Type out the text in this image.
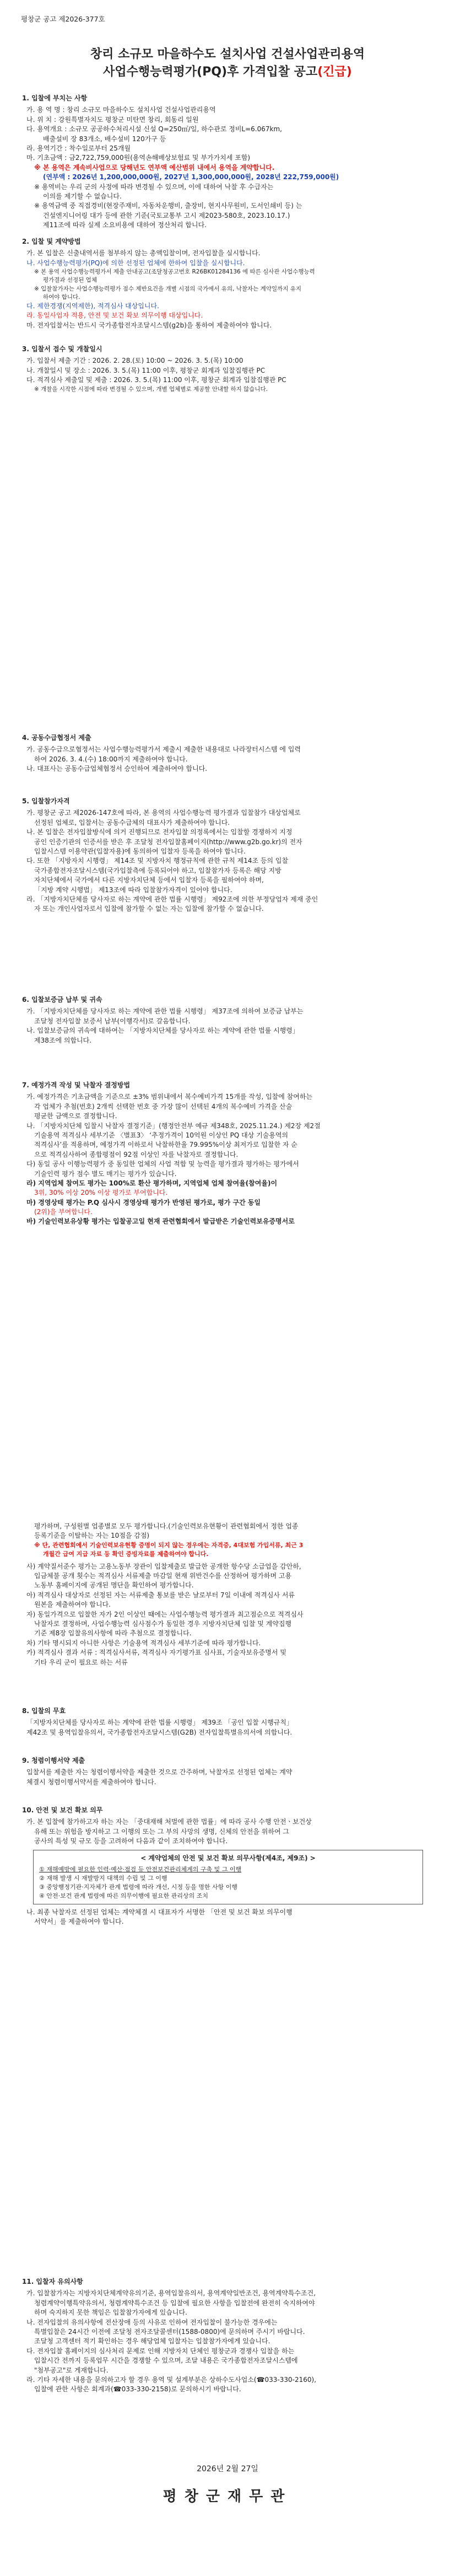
평창군 공고 제2026-377호
창리 소규모 마을하수도 설치사업 건설사업관리용역
사업수행능력평가(PQ)후 가격입찰 공고(긴급)
1. 입찰에 부치는 사항
가. 용 역 명 : 창리 소규모 마을하수도 설치사업 건설사업관리용역
나. 위 치 : 강원특별자치도 평창군 미탄면 창리, 회동리 일원
다. 용역개요 : 소규모 공공하수처리시설 신설 Q=250㎥/일, 하수관로 정비L=6.067km,
배출설비 장 83개소, 배수설비 120가구 등
라. 용역기간 : 착수일로부터 25개월
마. 기초금액 : 금2,722,759,000원(용역손해배상보험료 및 부가가치세 포함)
※ 본 용역은 계속비사업으로 당해년도 연부액 예산범위 내에서 용역을 계약합니다.
(연부액 : 2026년 1,200,000,000원, 2027년 1,300,000,000원, 2028년 222,759,000원)
※ 용역비는 우리 군의 사정에 따라 변경될 수 있으며, 이에 대하여 낙찰 후 수급자는
이의를 제기할 수 없습니다.
※ 용역금액 중 직접경비(현장주재비, 자동차운행비, 출장비, 현지사무원비, 도서인쇄비 등) 는
건설엔지니어링 대가 등에 관한 기준(국토교통부 고시 제2023-580호, 2023.10.17.)
제11조에 따라 실제 소요비용에 대하여 정산처리 합니다.
2. 입찰 및 계약방법
가. 본 입찰은 신출내역서를 첨부하지 않는 총액입찰이며, 전자입찰을 실시합니다.
나. 사업수행능력평가(PQ)에 의한 선정된 업체에 한하여 입찰을 실시합니다.
※ 본 용역 사업수행능력평가서 제출 안내공고(조달청공고번호 R26BK01284136 에 따른 심사관 사업수행능력
평가결과 선정된 업체
※ 입찰참가자는 사업수행능력평가 점수 제반요건을 개별 시점의 국가에서 유의, 낙찰자는 계약일까지 유지
하여야 합니다.
다. 제한경쟁(지역제한), 적격심사 대상입니다.
라. 동일사업자 적용, 안전 및 보건 확보 의무이행 대상입니다.
마. 전자입찰서는 반드시 국가종합전자조달시스템(g2b)을 통하여 제출하여야 합니다.
3. 입찰서 접수 및 개찰일시
가. 입찰서 제출 기간 : 2026. 2. 28.(토) 10:00 ~ 2026. 3. 5.(목) 10:00
나. 개찰일시 및 장소 : 2026. 3. 5.(목) 11:00 이후, 평창군 회계과 입찰집행관 PC
다. 적격심사 제출일 및 제출 : 2026. 3. 5.(목) 11:00 이후, 평창군 회계과 입찰집행관 PC
※ 개찰을 시작한 시점에 따라 변경될 수 있으며, 개별 업체별로 제공할 안내할 하지 않습니다.
4. 공동수급협정서 제출
가. 공동수급으로협정서는 사업수행능력평가서 제출시 제출한 내용대로 나라장터시스템 에 입력
하여 2026. 3. 4.(수) 18:00까지 제출하여야 합니다.
나. 대표사는 공동수급업체협정서 승인하여 제출하여야 합니다.
5. 입찰참가자격
가. 평창군 공고 제2026-147호에 따라, 본 용역의 사업수행능력 평가결과 입찰참가 대상업체로
선정된 업체로, 입찰서는 공동수급체의 대표사가 제출하여야 합니다.
나. 본 입찰은 전자입찰방식에 의거 진행되므로 전자입찰 의정록에서는 입찰할 경쟁하지 지정
공인 인증기관의 인증서를 받은 후 조달청 전자입찰홈페이지(http://www.g2b.go.kr)의 전자
입찰시스템 이용약관(입찰자용)에 동의하여 입찰자 등록을 하여야 합니다.
다. 또한 「지방자치 시행령」 제14조 및 지방자치 행정규칙에 관한 규칙 제14조 등의 입찰
국가종합전자조달시스템(국가입찰측에 등록되어야 하고, 입찰참가자 등록은 해당 지방
자치단체에서 국가에서 다른 지방자치단체 등에서 입찰자 등록을 필하여야 하며,
「지방 계약 시행법」 제13조에 따라 입찰참가자격이 있어야 합니다.
라. 「지방자치단체를 당사자로 하는 계약에 관한 법률 시행령」 제92조에 의한 부정당업자 제재 중인
자 또는 개인사업자로서 입찰에 참가할 수 없는 자는 입찰에 참가할 수 없습니다.
6. 입찰보증금 납부 및 귀속
가. 「지방자치단체를 당사자로 하는 계약에 관한 법률 시행령」 제37조에 의하여 보증금 납부는
조달청 전자입찰 보증서 납부(이행각서)로 갈음합니다.
나. 입찰보증금의 귀속에 대하여는 「지방자치단체를 당사자로 하는 계약에 관한 법률 시행령」
제38조에 의합니다.
7. 예정가격 작성 및 낙찰자 결정방법
가. 예정가격은 기초금액을 기준으로 ±3% 범위내에서 복수예비가격 15개를 작성, 입찰에 참여하는
각 업체가 추첨(번호) 2개씩 선택한 번호 중 가장 많이 선택된 4개의 복수예비 가격을 산술
평균한 금액으로 결정합니다.
나. 「지방자치단체 입찰시 낙찰자 결정기준」(행정안전부 예규 제348호, 2025.11.24.) 제2장 제2절
기술용역 적격심사 세부기준 〈별표3〉 ‘추정가격이 10억원 이상인 PQ 대상 기술용역의
적격심사’를 적용하며, 예정가격 이하로서 낙찰하한율 79.995%이상 최저가로 입찰한 자 순
으로 적격심사하여 종합평점이 92점 이상인 자를 낙찰자로 결정합니다.
다) 동일 공사 이행능력평가 중 동일한 업체의 사업 적합 및 능력을 평가결과 평가하는 평가에서
기술인력 평가 점수 별도 매기는 평가가 있습니다.
라) 지역업체 참여도 평가는 100%로 환산 평가하며, 지역업체 업체 참여율(참여율)이
3위, 30% 이상 20% 이상 평가로 부여합니다.
마) 경영상태 평가는 P.Q 심사시 경영상태 평가가 반영된 평가로, 평가 구간 동일
(2위)을 부여합니다.
바) 기술인력보유상황 평가는 입찰공고일 현재 관련협회에서 발급받은 기술인력보유증명서로
평가하며, 구성원별 업종별로 모두 평가합니다.(기술인력보유현황이 관련협회에서 정한 업종
등록기준을 이탈하는 자는 10점을 감점)
※ 단, 관련협회에서 기술인력보유현황 증명이 되지 않는 경우에는 자격증, 4대보험 가입서류, 최근 3
개월간 급여 지급 자료 등 확인 증빙자료를 제출하여야 합니다.
사) 계약질서준수 평가는 고용노동부 장관이 입찰제출로 발급한 공개한 항수당 소급업을 감안하,
입금체불 공개 횟수는 적격심사 서류제출 마감일 현재 위반건수를 산정하여 평가하며 고용
노동부 홈페이지에 공개된 명단을 확인하여 평가합니다.
아) 적격심사 대상자로 선정된 자는 서류제출 통보를 받은 날로부터 7일 이내에 적격심사 서류
원본을 제출하여야 합니다.
자) 동일가격으로 입찰한 자가 2인 이상인 때에는 사업수행능력 평가결과 최고점순으로 적격심사
낙찰자로 결정하며, 사업수행능력 심사점수가 동일한 경우 지방자치단체 입찰 및 계약집행
기준 제8장 입찰유의사항에 따라 추첨으로 결정합니다.
차) 기타 명시되지 아니한 사항은 기술용역 적격심사 세부기준에 따라 평가합니다.
카) 적격심사 결과 서류 : 적격심사서류, 적격심사 자기평가표 심사표, 기술자보유증명서 및
기타 우리 군이 필요로 하는 서류
8. 입찰의 무효
「지방자치단체를 당사자로 하는 계약에 관한 법률 시행령」 제39조 「공인 입찰 시행규칙」
제42조 및 용역입찰유의서, 국가종합전자조달시스템(G2B) 전자입찰특별유의서에 의합니다.
9. 청렴이행서약 제출
입찰서를 제출한 자는 청렴이행서약을 제출한 것으로 간주하며, 낙찰자로 선정된 업체는 계약
체결시 청렴이행서약서를 제출하여야 합니다.
10. 안전 및 보건 확보 의무
가. 본 입찰에 참가하고자 하는 자는 「중대재해 처벌에 관한 법률」에 따라 공사 수행 안전ㆍ보건상
유해 또는 위험을 방지하고 그 이행의 또는 그 부의 사망의 생명, 신체의 안전을 위하여 그
공사의 특성 및 규모 등을 고려하여 다음과 같이 조치하여야 합니다.
< 계약업체의 안전 및 보건 확보 의무사항(제4조, 제9조) >
① 재해예방에 필요한 인력·예산·점검 등 안전보건관리체계의 구축 및 그 이행
② 재해 발생 시 재발방지 대책의 수립 및 그 이행
③ 중앙행정기관·지자체가 관계 법령에 따라 개선, 시정 등을 명한 사항 이행
④ 안전·보건 관계 법령에 따른 의무이행에 필요한 관리상의 조치
나. 최종 낙찰자로 선정된 업체는 계약체결 시 대표자가 서명한 「안전 및 보건 확보 의무이행
서약서」를 제출하여야 합니다.
11. 입찰자 유의사항
가. 입찰참가자는 지방자치단체계약유의기준, 용역입찰유의서, 용역계약일반조건, 용역계약특수조건,
청렴계약이행특약유의서, 청렴계약특수조건 등 입찰에 필요한 사항을 입찰전에 완전히 숙지하여야
하며 숙지하지 못한 책임은 입찰참가자에게 있습니다.
나. 전자입찰의 유의사항에 전산장애 등의 사유로 인하여 전자입찰이 불가능한 경우에는
특별입찰은 24시간 이전에 조달청 전자조달콜센터(1588-0800)에 문의하며 주시기 바랍니다.
조달청 고객센터 적기 확인하는 경우 해당업체 입찰자는 입찰참가자에게 있습니다.
다. 전자입찰 홈페이지의 심사처리 문제로 인해 지방자치 단체인 평창군과 경쟁사 입찰을 하는
입찰시간 전까지 등록업무 시간을 경쟁할 수 있으며, 조달 내용은 국가종합전자조달시스템에
"첨부공고"로 게재합니다.
라. 기타 자세한 내용을 문의하고자 할 경우 용역 및 설계부분은 상하수도사업소(☎033-330-2160),
입찰에 관한 사항은 회계과(☎033-330-2158)로 문의하시기 바랍니다.
2026년 2월 27일
평창군재무관
